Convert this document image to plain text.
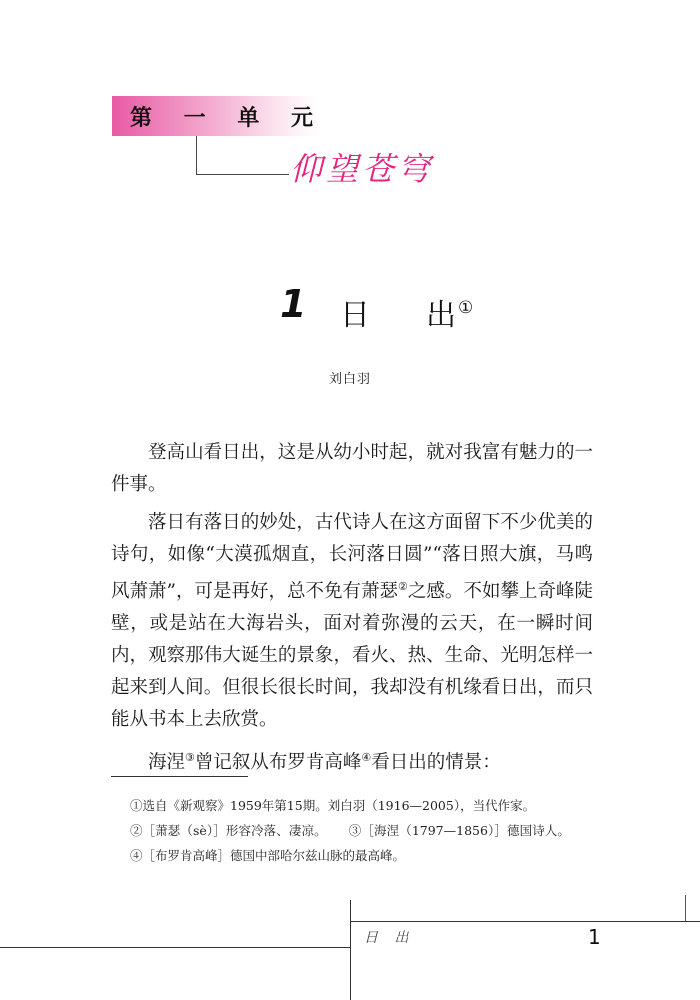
第 一 单 元
仰望苍穹
1 日 出 ①
刘白羽

登高山看日出，这是从幼小时起，就对我富有魅力的一件事。

落日有落日的妙处，古代诗人在这方面留下不少优美的诗句，如像“大漠孤烟直，长河落日圆”“落日照大旗，马鸣风萧萧”，可是再好，总不免有萧瑟②之感。不如攀上奇峰陡壁，或是站在大海岩头，面对着弥漫的云天，在一瞬时间内，观察那伟大诞生的景象，看火、热、生命、光明怎样一起来到人间。但很长很长时间，我却没有机缘看日出，而只能从书本上去欣赏。

海涅③曾记叙从布罗肯高峰④看日出的情景：

①选自《新观察》1959年第15期。刘白羽（1916—2005），当代作家。

②［萧瑟（sè）］形容冷落、凄凉。 ③［海涅（1797—1856）］德国诗人。④［布罗肯高峰］德国中部哈尔兹山脉的最高峰。

日 出	1
